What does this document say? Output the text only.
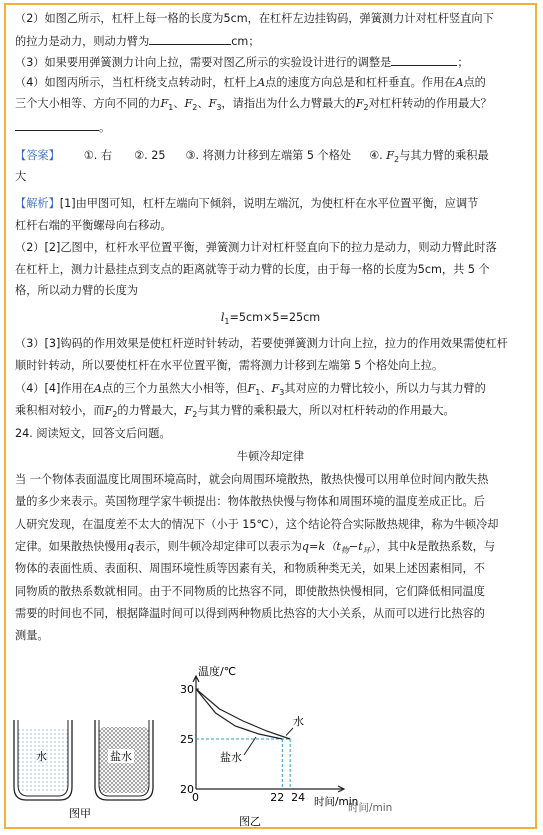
（2）如图乙所示，杠杆上每一格的长度为5cm，在杠杆左边挂钩码，弹簧测力计对杠杆竖直向下
的拉力是动力，则动力臂为	cm；
（3）如果要用弹簧测力计向上拉，需要对图乙所示的实验设计进行的调整是	；
（4）如图丙所示，当杠杆绕支点转动时，杠杆上A点的速度方向总是和杠杆垂直。作用在A点的
三个大小相等、方向不同的力$F_1$、$F_2$、$F_3$，请指出为什么力臂最大的$F_2$对杠杆转动的作用最大？
。
【答案】 ①. 右 ②. 25 ③. 将测力计移到左端第 5 个格处 ④. $F_2$与其力臂的乘积最
大
【解析】[1]由甲图可知，杠杆左端向下倾斜，说明左端沉，为使杠杆在水平位置平衡，应调节
杠杆右端的平衡螺母向右移动。
（2）[2]乙图中，杠杆水平位置平衡，弹簧测力计对杠杆竖直向下的拉力是动力，则动力臂此时落
在杠杆上，测力计悬挂点到支点的距离就等于动力臂的长度，由于每一格的长度为5cm，共 5 个
格，所以动力臂的长度为
$l_1=5cm\times 5=25cm$
（3）[3]钩码的作用效果是使杠杆逆时针转动，若要使弹簧测力计向上拉，拉力的作用效果需使杠杆
顺时针转动，所以要使杠杆在水平位置平衡，需将测力计移到左端第 5 个格处向上拉。
（4）[4]作用在A点的三个力虽然大小相等，但$F_1$、$F_3$其对应的力臂比较小，所以力与其力臂的
乘积相对较小，而$F_2$的力臂最大，$F_2$与其力臂的乘积最大，所以对杠杆转动的作用最大。
24. 阅读短文，回答文后问题。
牛顿冷却定律
当 一个物体表面温度比周围环境高时，就会向周围环境散热，散热快慢可以用单位时间内散失热
量的多少来表示。英国物理学家牛顿提出：物体散热快慢与物体和周围环境的温度差成正比。后
人研究发现，在温度差不太大的情况下（小于 15℃），这个结论符合实际散热规律，称为牛顿冷却
定律。如果散热快慢用q表示，则牛顿冷却定律可以表示为$q=k(t_物-t_环)$，其中k是散热系数，与
物体的表面性质、表面积、周围环境性质等因素有关，和物质种类无关，如果上述因素相同，不
同物质的散热系数就相同。由于不同物质的比热容不同，即使散热快慢相同，它们降低相同温度
需要的时间也不同，根据降温时间可以得到两种物质比热容的大小关系，从而可以进行比热容的
测量。
水	盐水
图甲
温度/℃
20
25
30
0	22 24
水
盐水
时间/min
时间/min
图乙
